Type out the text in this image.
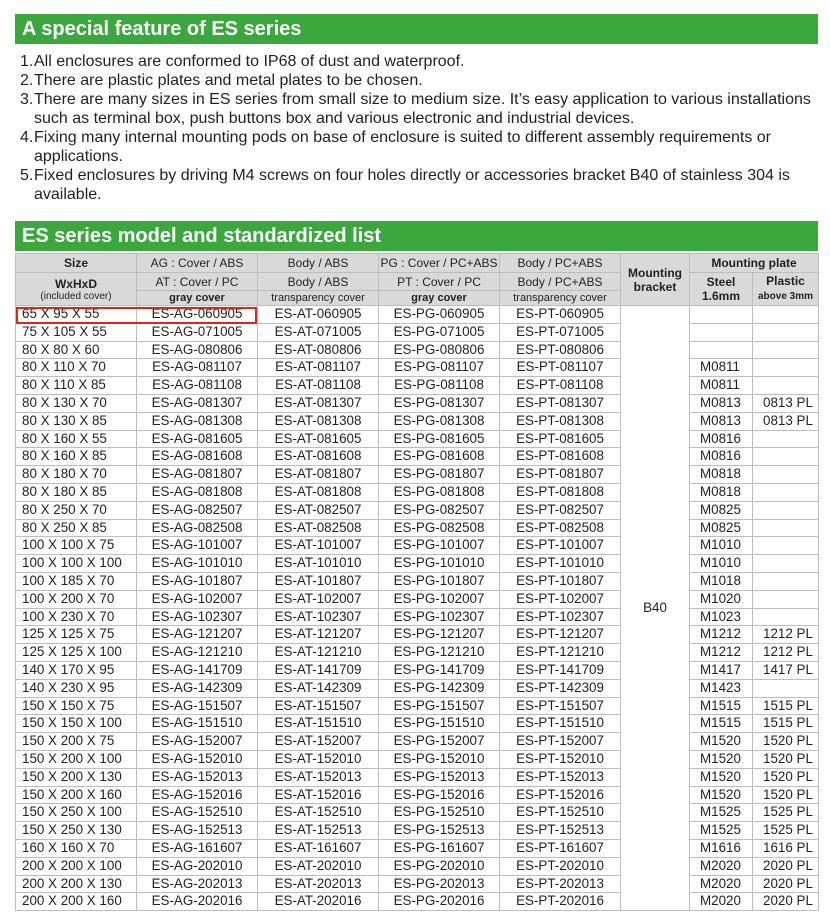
A special feature of ES series
1. All enclosures are conformed to IP68 of dust and waterproof.
2. There are plastic plates and metal plates to be chosen.
3. There are many sizes in ES series from small size to medium size. It’s easy application to various installations such as terminal box, push buttons box and various electronic and industrial devices.
4. Fixing many internal mounting pods on base of enclosure is suited to different assembly requirements or applications.
5. Fixed enclosures by driving M4 screws on four holes directly or accessories bracket B40 of stainless 304 is available.
ES series model and standardized list
Size	AG : Cover / ABS	Body / ABS	PG : Cover / PC+ABS	Body / PC+ABS	Mounting
bracket	Mounting plate	

WxHxD
(included cover)	AT : Cover / PC	Body / ABS	PT : Cover / PC	Body / PC+ABS		Steel
1.6mm	Plastic
above 3mm
	gray cover	transparency cover	gray cover	transparency cover			
65 X 95 X 55	ES-AG-060905	ES-AT-060905	ES-PG-060905	ES-PT-060905	B40		
75 X 105 X 55	ES-AG-071005	ES-AT-071005	ES-PG-071005	ES-PT-071005			
80 X 80 X 60	ES-AG-080806	ES-AT-080806	ES-PG-080806	ES-PT-080806			
80 X 110 X 70	ES-AG-081107	ES-AT-081107	ES-PG-081107	ES-PT-081107		M0811	
80 X 110 X 85	ES-AG-081108	ES-AT-081108	ES-PG-081108	ES-PT-081108		M0811	
80 X 130 X 70	ES-AG-081307	ES-AT-081307	ES-PG-081307	ES-PT-081307		M0813	0813 PL
80 X 130 X 85	ES-AG-081308	ES-AT-081308	ES-PG-081308	ES-PT-081308		M0813	0813 PL
80 X 160 X 55	ES-AG-081605	ES-AT-081605	ES-PG-081605	ES-PT-081605		M0816	
80 X 160 X 85	ES-AG-081608	ES-AT-081608	ES-PG-081608	ES-PT-081608		M0816	
80 X 180 X 70	ES-AG-081807	ES-AT-081807	ES-PG-081807	ES-PT-081807		M0818	
80 X 180 X 85	ES-AG-081808	ES-AT-081808	ES-PG-081808	ES-PT-081808		M0818	
80 X 250 X 70	ES-AG-082507	ES-AT-082507	ES-PG-082507	ES-PT-082507		M0825	
80 X 250 X 85	ES-AG-082508	ES-AT-082508	ES-PG-082508	ES-PT-082508		M0825	
100 X 100 X 75	ES-AG-101007	ES-AT-101007	ES-PG-101007	ES-PT-101007		M1010	
100 X 100 X 100	ES-AG-101010	ES-AT-101010	ES-PG-101010	ES-PT-101010		M1010	
100 X 185 X 70	ES-AG-101807	ES-AT-101807	ES-PG-101807	ES-PT-101807		M1018	
100 X 200 X 70	ES-AG-102007	ES-AT-102007	ES-PG-102007	ES-PT-102007		M1020	
100 X 230 X 70	ES-AG-102307	ES-AT-102307	ES-PG-102307	ES-PT-102307		M1023	
125 X 125 X 75	ES-AG-121207	ES-AT-121207	ES-PG-121207	ES-PT-121207		M1212	1212 PL
125 X 125 X 100	ES-AG-121210	ES-AT-121210	ES-PG-121210	ES-PT-121210		M1212	1212 PL
140 X 170 X 95	ES-AG-141709	ES-AT-141709	ES-PG-141709	ES-PT-141709		M1417	1417 PL
140 X 230 X 95	ES-AG-142309	ES-AT-142309	ES-PG-142309	ES-PT-142309		M1423	
150 X 150 X 75	ES-AG-151507	ES-AT-151507	ES-PG-151507	ES-PT-151507		M1515	1515 PL
150 X 150 X 100	ES-AG-151510	ES-AT-151510	ES-PG-151510	ES-PT-151510		M1515	1515 PL
150 X 200 X 75	ES-AG-152007	ES-AT-152007	ES-PG-152007	ES-PT-152007		M1520	1520 PL
150 X 200 X 100	ES-AG-152010	ES-AT-152010	ES-PG-152010	ES-PT-152010		M1520	1520 PL
150 X 200 X 130	ES-AG-152013	ES-AT-152013	ES-PG-152013	ES-PT-152013		M1520	1520 PL
150 X 200 X 160	ES-AG-152016	ES-AT-152016	ES-PG-152016	ES-PT-152016		M1520	1520 PL
150 X 250 X 100	ES-AG-152510	ES-AT-152510	ES-PG-152510	ES-PT-152510		M1525	1525 PL
150 X 250 X 130	ES-AG-152513	ES-AT-152513	ES-PG-152513	ES-PT-152513		M1525	1525 PL
160 X 160 X 70	ES-AG-161607	ES-AT-161607	ES-PG-161607	ES-PT-161607		M1616	1616 PL
200 X 200 X 100	ES-AG-202010	ES-AT-202010	ES-PG-202010	ES-PT-202010		M2020	2020 PL
200 X 200 X 130	ES-AG-202013	ES-AT-202013	ES-PG-202013	ES-PT-202013		M2020	2020 PL
200 X 200 X 160	ES-AG-202016	ES-AT-202016	ES-PG-202016	ES-PT-202016		M2020	2020 PL
